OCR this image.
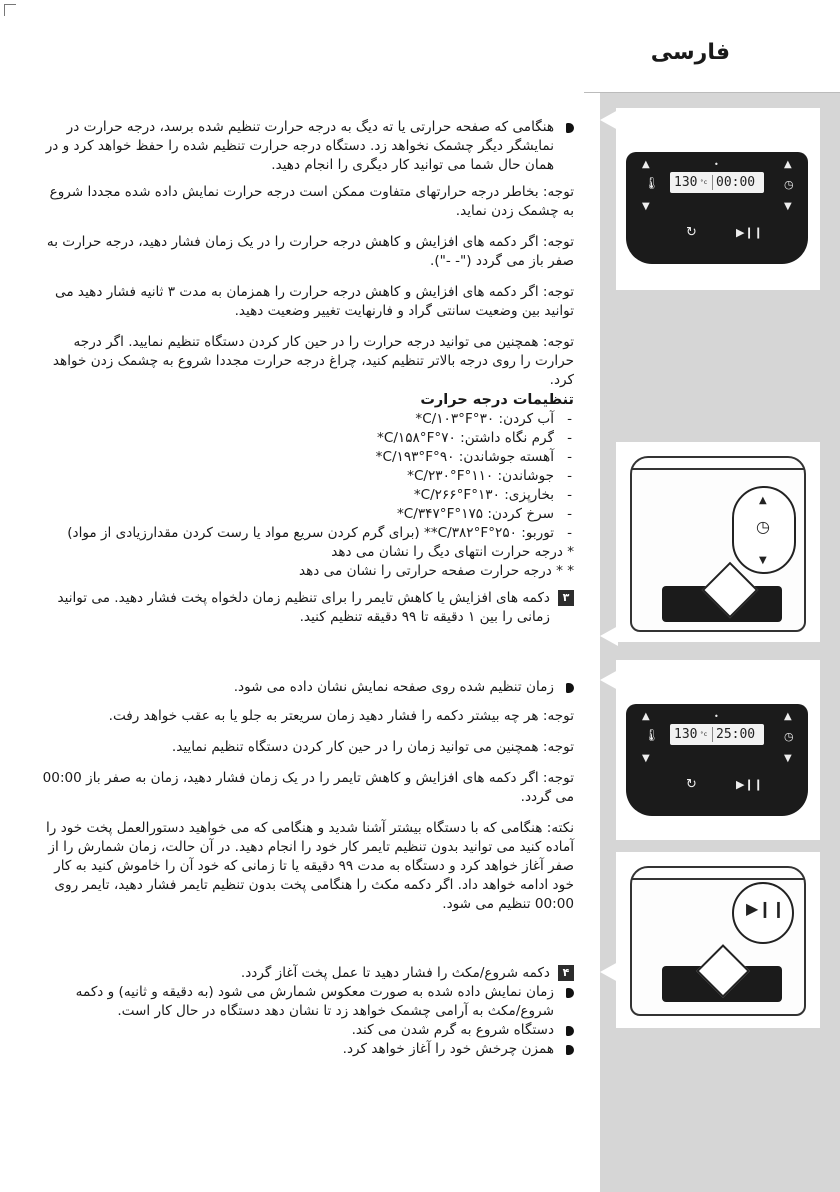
فارسی

هنگامی که صفحه حرارتی یا ته دیگ به درجه حرارت تنظیم شده برسد، درجه حرارت در نمایشگر دیگر چشمک نخواهد زد. دستگاه درجه حرارت تنظیم شده را حفظ خواهد کرد و در همان حال شما می توانید کار دیگری را انجام دهید.

توجه: بخاطر درجه حرارتهای متفاوت ممکن است درجه حرارت نمایش داده شده مجددا شروع به چشمک زدن نماید.

توجه: اگر دکمه های افزایش و کاهش درجه حرارت را در یک زمان فشار دهید، درجه حرارت به صفر باز می گردد ("- -").

توجه: اگر دکمه های افزایش و کاهش درجه حرارت را همزمان به مدت ۳ ثانیه فشار دهید می توانید بین وضعیت سانتی گراد و فارنهایت تغییر وضعیت دهید.

توجه: همچنین می توانید درجه حرارت را در حین کار کردن دستگاه تنظیم نمایید. اگر درجه حرارت را روی درجه بالاتر تنظیم کنید، چراغ درجه حرارت مجددا شروع به چشمک زدن خواهد کرد.

تنظیمات درجه حرارت

- آب کردن: ۳۰°C/۱۰۳°F*

- گرم نگاه داشتن: ۷۰°C/۱۵۸°F*

- آهسته جوشاندن: ۹۰°C/۱۹۳°F*

- جوشاندن: ۱۱۰°C/۲۳۰°F*

- بخارپزی: ۱۳۰°C/۲۶۶°F*

- سرخ کردن: ۱۷۵°C/۳۴۷°F*

- توربو: ۲۵۰°C/۳۸۲°F** (برای گرم کردن سریع مواد یا رست کردن مقدارزیادی از مواد)

* درجه حرارت انتهای دیگ را نشان می دهد

* * درجه حرارت صفحه حرارتی را نشان می دهد

۳
دکمه های افزایش یا کاهش تایمر را برای تنظیم زمان دلخواه پخت فشار دهید. می توانید زمانی را بین ۱ دقیقه تا ۹۹ دقیقه تنظیم کنید.

زمان تنظیم شده روی صفحه نمایش نشان داده می شود.

توجه: هر چه بیشتر دکمه را فشار دهید زمان سریعتر به جلو یا به عقب خواهد رفت.

توجه: همچنین می توانید زمان را در حین کار کردن دستگاه تنظیم نمایید.

توجه: اگر دکمه های افزایش و کاهش تایمر را در یک زمان فشار دهید، زمان به صفر باز 00:00 می گردد.

نکته: هنگامی که با دستگاه بیشتر آشنا شدید و هنگامی که می خواهید دستورالعمل پخت خود را آماده کنید می توانید بدون تنظیم تایمر کار خود را انجام دهید. در آن حالت، زمان شمارش را از صفر آغاز خواهد کرد و دستگاه به مدت ۹۹ دقیقه یا تا زمانی که خود آن را خاموش کنید به کار خود ادامه خواهد داد. اگر دکمه مکث را هنگامی پخت بدون تنظیم تایمر فشار دهید، تایمر روی 00:00 تنظیم می شود.

۴
دکمه شروع/مکث را فشار دهید تا عمل پخت آغاز گردد.

زمان نمایش داده شده به صورت معکوس شمارش می شود (به دقیقه و ثانیه) و دکمه شروع/مکث به آرامی چشمک خواهد زد تا نشان دهد دستگاه در حال کار است.

دستگاه شروع به گرم شدن می کند.

همزن چرخش خود را آغاز خواهد کرد.

▲	•	▲
🌡 130 °c 00:00	◷
▼	▼
↻	▶❙❙
▲
◷
▼
▲	•	▲
🌡 130 °c 25:00	◷
▼	▼
↻	▶❙❙
▶❙❙
